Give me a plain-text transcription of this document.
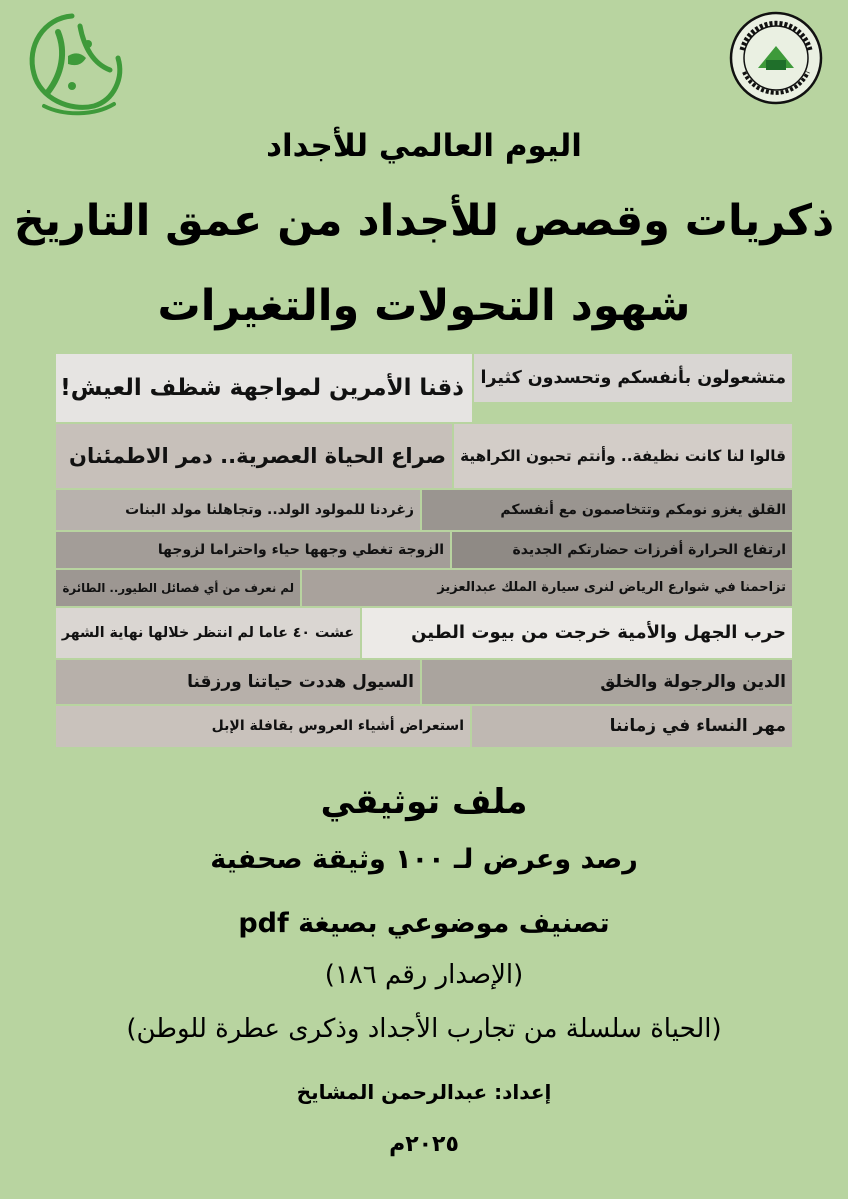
اليوم العالمي للأجداد
ذكريات وقصص للأجداد من عمق التاريخ
شهود التحولات والتغيرات
متشعولون بأنفسكم وتحسدون كثيرا
ذقنا الأمرين لمواجهة شظف العيش!
قالوا لنا كانت نظيفة.. وأنتم تحبون الكراهية
صراع الحياة العصرية.. دمر الاطمئنان
القلق يغزو نومكم وتتخاصمون مع أنفسكم
زغردنا للمولود الولد.. وتجاهلنا مولد البنات
ارتفاع الحرارة أفرزات حضارتكم الجديدة
الزوجة تغطي وجهها حياء واحتراما لزوجها
تزاحمنا في شوارع الرياض لنرى سيارة الملك عبدالعزيز
لم نعرف من أي فصائل الطيور.. الطائرة
حرب الجهل والأمية خرجت من بيوت الطين
عشت ٤٠ عاما لم انتظر خلالها نهاية الشهر
الدين والرجولة والخلق
السيول هددت حياتنا ورزقنا
مهر النساء في زماننا
استعراض أشياء العروس بقافلة الإبل
ملف توثيقي
رصد وعرض لـ ١٠٠ وثيقة صحفية
تصنيف موضوعي بصيغة pdf
(الإصدار رقم ١٨٦)
(الحياة سلسلة من تجارب الأجداد وذكرى عطرة للوطن)
إعداد: عبدالرحمن المشايخ
٢٠٢٥م
